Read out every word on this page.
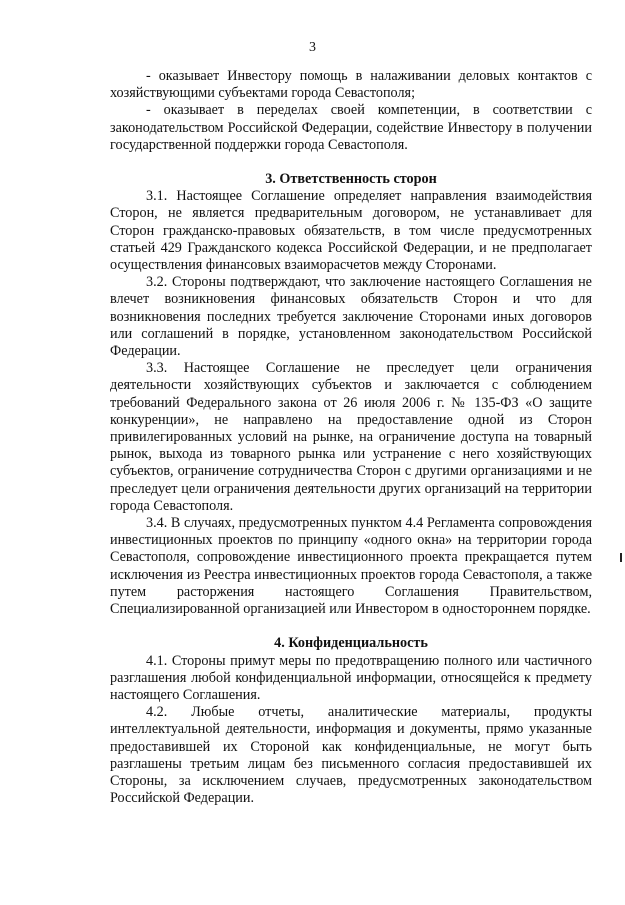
3

- оказывает Инвестору помощь в налаживании деловых контактов с хозяйствующими субъектами города Севастополя;

- оказывает в переделах своей компетенции, в соответствии с законодательством Российской Федерации, содействие Инвестору в получении государственной поддержки города Севастополя.

3. Ответственность сторон

3.1. Настоящее Соглашение определяет направления взаимодействия Сторон, не является предварительным договором, не устанавливает для Сторон гражданско-правовых обязательств, в том числе предусмотренных статьей 429 Гражданского кодекса Российской Федерации, и не предполагает осуществления финансовых взаиморасчетов между Сторонами.

3.2. Стороны подтверждают, что заключение настоящего Соглашения не влечет возникновения финансовых обязательств Сторон и что для возникновения последних требуется заключение Сторонами иных договоров или соглашений в порядке, установленном законодательством Российской Федерации.

3.3. Настоящее Соглашение не преследует цели ограничения деятельности хозяйствующих субъектов и заключается с соблюдением требований Федерального закона от 26 июля 2006 г. № 135-ФЗ «О защите конкуренции», не направлено на предоставление одной из Сторон привилегированных условий на рынке, на ограничение доступа на товарный рынок, выхода из товарного рынка или устранение с него хозяйствующих субъектов, ограничение сотрудничества Сторон с другими организациями и не преследует цели ограничения деятельности других организаций на территории города Севастополя.

3.4. В случаях, предусмотренных пунктом 4.4 Регламента сопровождения инвестиционных проектов по принципу «одного окна» на территории города Севастополя, сопровождение инвестиционного проекта прекращается путем исключения из Реестра инвестиционных проектов города Севастополя, а также путем расторжения настоящего Соглашения Правительством, Специализированной организацией или Инвестором в одностороннем порядке.

4. Конфиденциальность

4.1. Стороны примут меры по предотвращению полного или частичного разглашения любой конфиденциальной информации, относящейся к предмету настоящего Соглашения.

4.2. Любые отчеты, аналитические материалы, продукты интеллектуальной деятельности, информация и документы, прямо указанные предоставившей их Стороной как конфиденциальные, не могут быть разглашены третьим лицам без письменного согласия предоставившей их Стороны, за исключением случаев, предусмотренных законодательством Российской Федерации.
